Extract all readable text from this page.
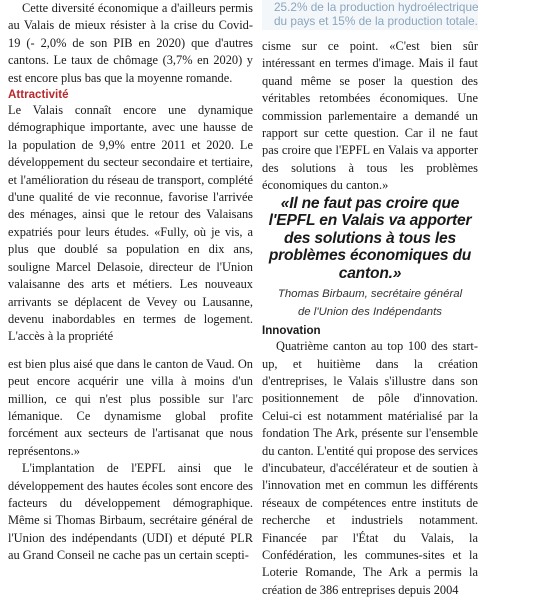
25.2% de la production hydroélectrique
du pays et 15% de la production totale.

Cette diversité économique a d'ailleurs permis au Valais de mieux résister à la crise du Covid-19 (- 2,0% de son PIB en 2020) que d'autres cantons. Le taux de chômage (3,7% en 2020) y est encore plus bas que la moyenne romande.

Attractivité

Le Valais connaît encore une dynamique démographique importante, avec une hausse de la population de 9,9% entre 2011 et 2020. Le développement du secteur secondaire et tertiaire, et l'amélioration du réseau de transport, complété d'une qualité de vie reconnue, favorise l'arrivée des ménages, ainsi que le retour des Valaisans expatriés pour leurs études. «Fully, où je vis, a plus que doublé sa population en dix ans, souligne Marcel Delasoie, directeur de l'Union valaisanne des arts et métiers. Les nouveaux arrivants se déplacent de Vevey ou Lausanne, devenu inabordables en termes de logement. L'accès à la propriété

est bien plus aisé que dans le canton de Vaud. On peut encore acquérir une villa à moins d'un million, ce qui n'est plus possible sur l'arc lémanique. Ce dynamisme global profite forcément aux secteurs de l'artisanat que nous représentons.»

L'implantation de l'EPFL ainsi que le développement des hautes écoles sont encore des facteurs du développement démographique. Même si Thomas Birbaum, secrétaire général de l'Union des indépendants (UDI) et député PLR au Grand Conseil ne cache pas un certain scepti-

cisme sur ce point. «C'est bien sûr intéressant en termes d'image. Mais il faut quand même se poser la question des véritables retombées économiques. Une commission parlementaire a demandé un rapport sur cette question. Car il ne faut pas croire que l'EPFL en Valais va apporter des solutions à tous les problèmes économiques du canton.»

«Il ne faut pas croire que l'EPFL en Valais va apporter des solutions à tous les problèmes économiques du canton.»

Thomas Birbaum, secrétaire général
de l'Union des Indépendants
Innovation

Quatrième canton au top 100 des start-up, et huitième dans la création d'entreprises, le Valais s'illustre dans son positionnement de pôle d'innovation. Celui-ci est notamment matérialisé par la fondation The Ark, présente sur l'ensemble du canton. L'entité qui propose des services d'incubateur, d'accélérateur et de soutien à l'innovation met en commun les différents réseaux de compétences entre instituts de recherche et industriels notamment. Financée par l'État du Valais, la Confédération, les communes-sites et la Loterie Romande, The Ark a permis la création de 386 entreprises depuis 2004
